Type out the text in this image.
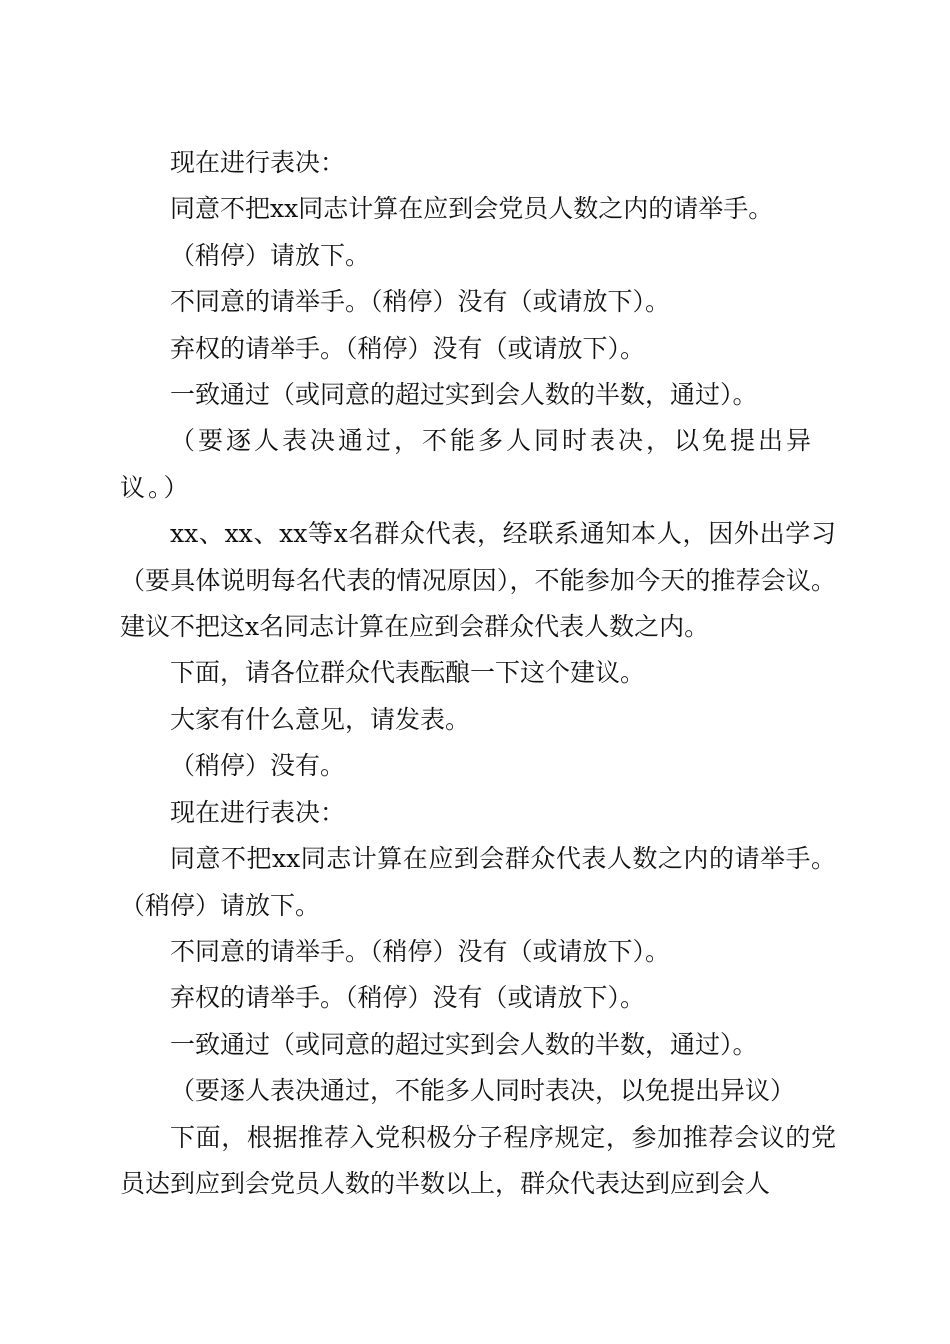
现在进行表决：

同意不把xx同志计算在应到会党员人数之内的请举手。

（稍停）请放下。

不同意的请举手。（稍停）没有（或请放下）。

弃权的请举手。（稍停）没有（或请放下）。

一致通过（或同意的超过实到会人数的半数，通过）。

（要逐人表决通过，不能多人同时表决，以免提出异议。）

xx、xx、xx等x名群众代表，经联系通知本人，因外出学习（要具体说明每名代表的情况原因），不能参加今天的推荐会议。建议不把这x名同志计算在应到会群众代表人数之内。

下面，请各位群众代表酝酿一下这个建议。

大家有什么意见，请发表。

（稍停）没有。

现在进行表决：

同意不把xx同志计算在应到会群众代表人数之内的请举手。（稍停）请放下。

不同意的请举手。（稍停）没有（或请放下）。

弃权的请举手。（稍停）没有（或请放下）。

一致通过（或同意的超过实到会人数的半数，通过）。

（要逐人表决通过，不能多人同时表决，以免提出异议）

下面，根据推荐入党积极分子程序规定，参加推荐会议的党员达到应到会党员人数的半数以上，群众代表达到应到会人
